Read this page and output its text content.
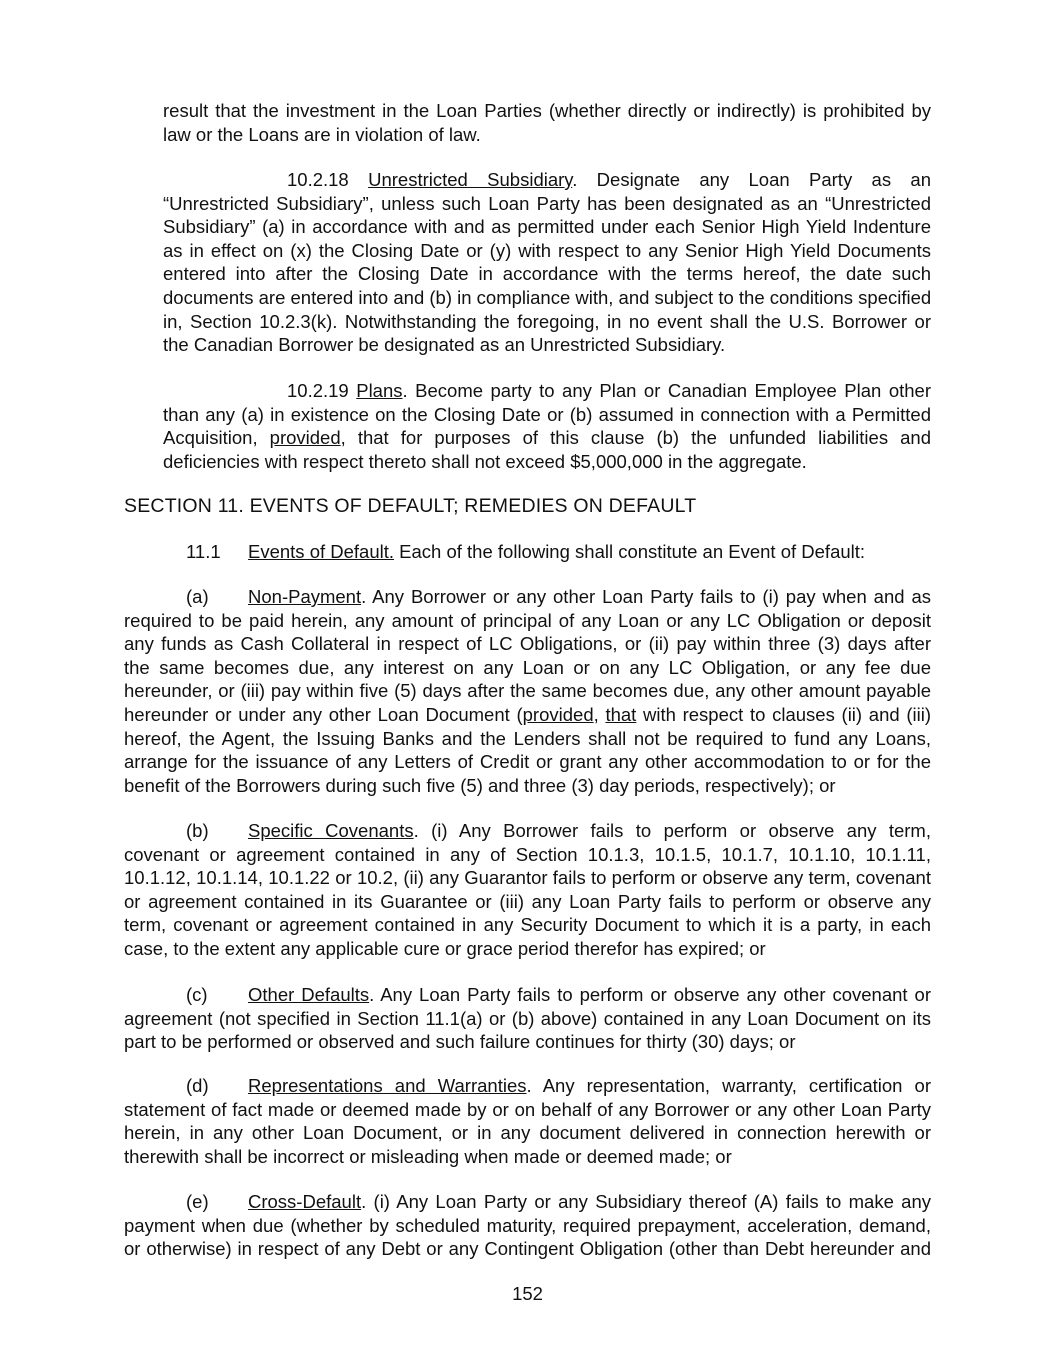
result that the investment in the Loan Parties (whether directly or indirectly) is prohibited by
law or the Loans are in violation of law.
10.2.18 Unrestricted Subsidiary. Designate any Loan Party as an
“Unrestricted Subsidiary”, unless such Loan Party has been designated as an “Unrestricted
Subsidiary” (a) in accordance with and as permitted under each Senior High Yield Indenture
as in effect on (x) the Closing Date or (y) with respect to any Senior High Yield Documents
entered into after the Closing Date in accordance with the terms hereof, the date such
documents are entered into and (b) in compliance with, and subject to the conditions specified
in, Section 10.2.3(k). Notwithstanding the foregoing, in no event shall the U.S. Borrower or
the Canadian Borrower be designated as an Unrestricted Subsidiary.
10.2.19 Plans. Become party to any Plan or Canadian Employee Plan other
than any (a) in existence on the Closing Date or (b) assumed in connection with a Permitted
Acquisition, provided, that for purposes of this clause (b) the unfunded liabilities and
deficiencies with respect thereto shall not exceed $5,000,000 in the aggregate.
SECTION 11. EVENTS OF DEFAULT; REMEDIES ON DEFAULT
11.1 Events of Default. Each of the following shall constitute an Event of Default:
(a) Non-Payment. Any Borrower or any other Loan Party fails to (i) pay when and as
required to be paid herein, any amount of principal of any Loan or any LC Obligation or deposit
any funds as Cash Collateral in respect of LC Obligations, or (ii) pay within three (3) days after
the same becomes due, any interest on any Loan or on any LC Obligation, or any fee due
hereunder, or (iii) pay within five (5) days after the same becomes due, any other amount payable
hereunder or under any other Loan Document (provided, that with respect to clauses (ii) and (iii)
hereof, the Agent, the Issuing Banks and the Lenders shall not be required to fund any Loans,
arrange for the issuance of any Letters of Credit or grant any other accommodation to or for the
benefit of the Borrowers during such five (5) and three (3) day periods, respectively); or
(b) Specific Covenants. (i) Any Borrower fails to perform or observe any term,
covenant or agreement contained in any of Section 10.1.3, 10.1.5, 10.1.7, 10.1.10, 10.1.11,
10.1.12, 10.1.14, 10.1.22 or 10.2, (ii) any Guarantor fails to perform or observe any term, covenant
or agreement contained in its Guarantee or (iii) any Loan Party fails to perform or observe any
term, covenant or agreement contained in any Security Document to which it is a party, in each
case, to the extent any applicable cure or grace period therefor has expired; or
(c) Other Defaults. Any Loan Party fails to perform or observe any other covenant or
agreement (not specified in Section 11.1(a) or (b) above) contained in any Loan Document on its
part to be performed or observed and such failure continues for thirty (30) days; or
(d) Representations and Warranties. Any representation, warranty, certification or
statement of fact made or deemed made by or on behalf of any Borrower or any other Loan Party
herein, in any other Loan Document, or in any document delivered in connection herewith or
therewith shall be incorrect or misleading when made or deemed made; or
(e) Cross-Default. (i) Any Loan Party or any Subsidiary thereof (A) fails to make any
payment when due (whether by scheduled maturity, required prepayment, acceleration, demand,
or otherwise) in respect of any Debt or any Contingent Obligation (other than Debt hereunder and
152
